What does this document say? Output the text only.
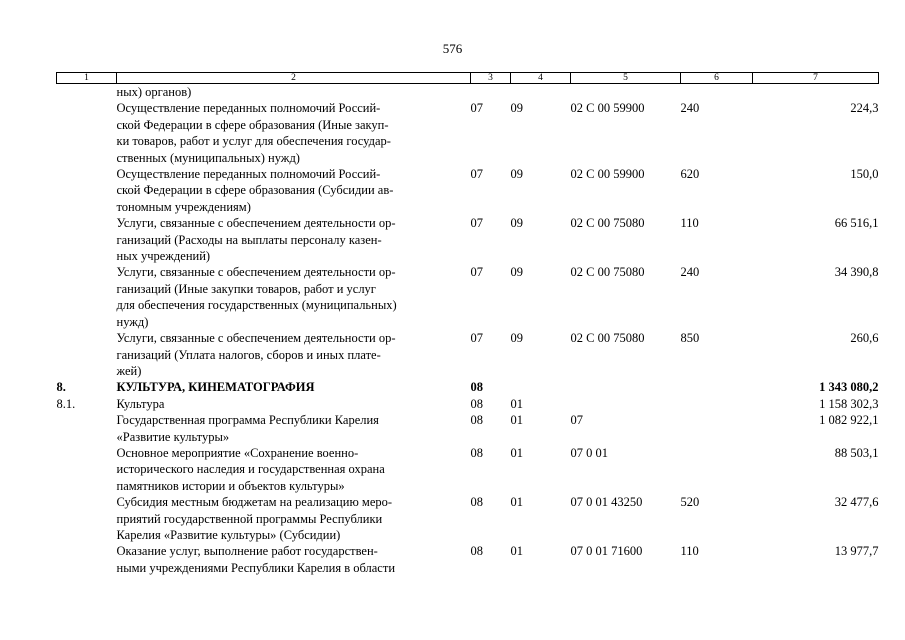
576
1	2	3	4	5	6	7

	ных) органов)					

	Осуществление переданных полномочий Россий-
ской Федерации в сфере образования (Иные закуп-
ки товаров, работ и услуг для обеспечения государ-
ственных (муниципальных) нужд)	07	09	02 С 00 59900	240	224,3

	Осуществление переданных полномочий Россий-
ской Федерации в сфере образования (Субсидии ав-
тономным учреждениям)	07	09	02 С 00 59900	620	150,0

	Услуги, связанные с обеспечением деятельности ор-
ганизаций (Расходы на выплаты персоналу казен-
ных учреждений)	07	09	02 С 00 75080	110	66 516,1

	Услуги, связанные с обеспечением деятельности ор-
ганизаций (Иные закупки товаров, работ и услуг
для обеспечения государственных (муниципальных)
нужд)	07	09	02 С 00 75080	240	34 390,8

	Услуги, связанные с обеспечением деятельности ор-
ганизаций (Уплата налогов, сборов и иных плате-
жей)	07	09	02 С 00 75080	850	260,6
8.	КУЛЬТУРА, КИНЕМАТОГРАФИЯ	08				1 343 080,2
8.1.	Культура	08	01			1 158 302,3

	Государственная программа Республики Карелия
«Развитие культуры»	08	01	07		1 082 922,1

	Основное мероприятие «Сохранение военно-
исторического наследия и государственная охрана
памятников истории и объектов культуры»	08	01	07 0 01		88 503,1

	Субсидия местным бюджетам на реализацию меро-
приятий государственной программы Республики
Карелия «Развитие культуры» (Субсидии)	08	01	07 0 01 43250	520	32 477,6

	Оказание услуг, выполнение работ государствен-
ными учреждениями Республики Карелия в области	08	01	07 0 01 71600	110	13 977,7
